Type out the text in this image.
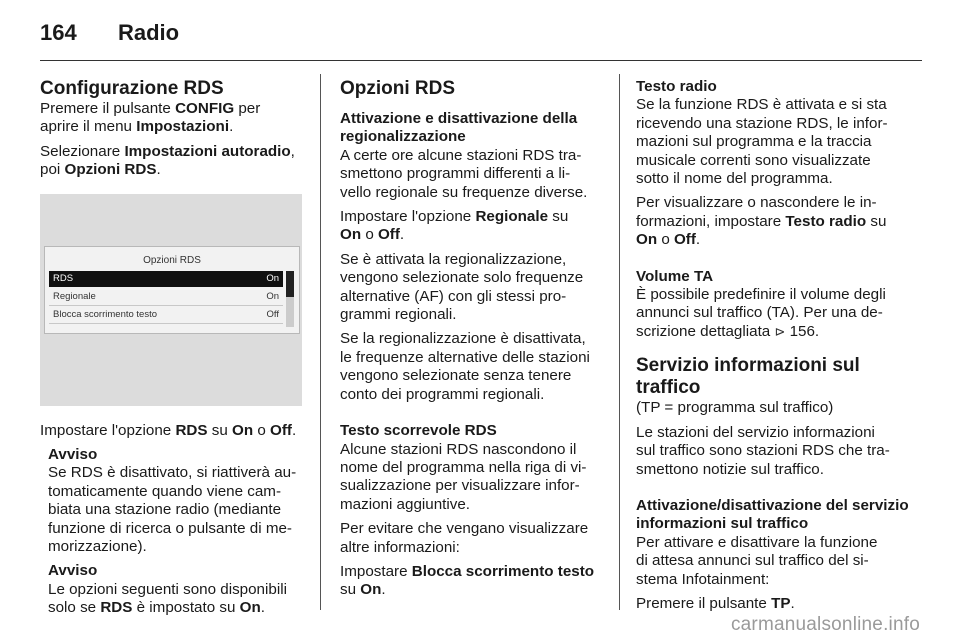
164 Radio
Configurazione RDS

Premere il pulsante CONFIG per
aprire il menu Impostazioni.

Selezionare Impostazioni autoradio,
poi Opzioni RDS.

Opzioni RDS
RDS	On
Regionale	On
Blocca scorrimento testo	Off

Impostare l'opzione RDS su On o Off.

Avviso

Se RDS è disattivato, si riattiverà au-
tomaticamente quando viene cam-
biata una stazione radio (mediante
funzione di ricerca o pulsante di me-
morizzazione).

Avviso

Le opzioni seguenti sono disponibili
solo se RDS è impostato su On.

Opzioni RDS
Attivazione e disattivazione della regionalizzazione

A certe ore alcune stazioni RDS tra-
smettono programmi differenti a li-
vello regionale su frequenze diverse.

Impostare l'opzione Regionale su
On o Off.

Se è attivata la regionalizzazione,
vengono selezionate solo frequenze
alternative (AF) con gli stessi pro-
grammi regionali.

Se la regionalizzazione è disattivata,
le frequenze alternative delle stazioni
vengono selezionate senza tenere
conto dei programmi regionali.

Testo scorrevole RDS

Alcune stazioni RDS nascondono il
nome del programma nella riga di vi-
sualizzazione per visualizzare infor-
mazioni aggiuntive.

Per evitare che vengano visualizzare
altre informazioni:

Impostare Blocca scorrimento testo
su On.

Testo radio

Se la funzione RDS è attivata e si sta
ricevendo una stazione RDS, le infor-
mazioni sul programma e la traccia
musicale correnti sono visualizzate
sotto il nome del programma.

Per visualizzare o nascondere le in-
formazioni, impostare Testo radio su
On o Off.

Volume TA

È possibile predefinire il volume degli
annunci sul traffico (TA). Per una de-
scrizione dettagliata ⊳ 156.

Servizio informazioni sul traffico

(TP = programma sul traffico)

Le stazioni del servizio informazioni
sul traffico sono stazioni RDS che tra-
smettono notizie sul traffico.

Attivazione/disattivazione del servizio informazioni sul traffico

Per attivare e disattivare la funzione
di attesa annunci sul traffico del si-
stema Infotainment:

Premere il pulsante TP.

carmanualsonline.info
